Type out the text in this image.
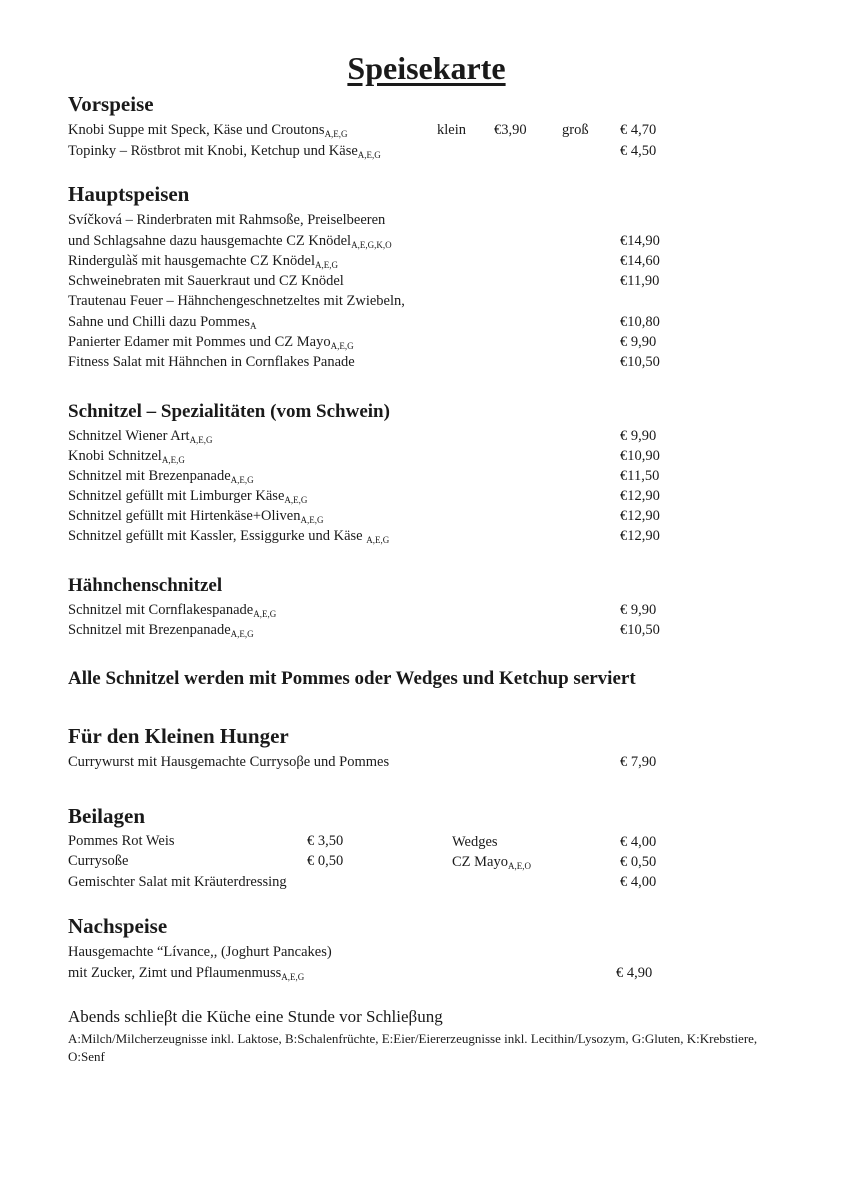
Speisekarte
Vorspeise
Knobi Suppe mit Speck, Käse und Croutons$_{A,E,G}$	klein €3,90 groß € 4,70
Topinky – Röstbrot mit Knobi, Ketchup und Käse$_{A,E,G}$	€ 4,50
Hauptspeisen
Svíčková – Rinderbraten mit Rahmsoße, Preiselbeeren
und Schlagsahne dazu hausgemachte CZ Knödel$_{A,E,G,K,O}$	€14,90
Rindergulàš mit hausgemachte CZ Knödel$_{A,E,G}$	€14,60
Schweinebraten mit Sauerkraut und CZ Knödel	€11,90
Trautenau Feuer – Hähnchengeschnetzeltes mit Zwiebeln,
Sahne und Chilli dazu Pommes$_A$	€10,80
Panierter Edamer mit Pommes und CZ Mayo$_{A,E,G}$	€ 9,90
Fitness Salat mit Hähnchen in Cornflakes Panade	€10,50
Schnitzel – Spezialitäten (vom Schwein)
Schnitzel Wiener Art$_{A,E,G}$	€ 9,90
Knobi Schnitzel$_{A,E,G}$	€10,90
Schnitzel mit Brezenpanade$_{A,E,G}$	€11,50
Schnitzel gefüllt mit Limburger Käse$_{A,E,G}$	€12,90
Schnitzel gefüllt mit Hirtenkäse+Oliven$_{A,E,G}$	€12,90
Schnitzel gefüllt mit Kassler, Essiggurke und Käse $_{A,E,G}$	€12,90
Hähnchenschnitzel
Schnitzel mit Cornflakespanade$_{A,E,G}$	€ 9,90
Schnitzel mit Brezenpanade$_{A,E,G}$	€10,50
Alle Schnitzel werden mit Pommes oder Wedges und Ketchup serviert
Für den Kleinen Hunger
Currywurst mit Hausgemachte Currysoβe und Pommes	€ 7,90
Beilagen
Pommes Rot Weis	€ 3,50	Wedges	€ 4,00
Currysoße	€ 0,50	CZ Mayo$_{A,E,O}$	€ 0,50
Gemischter Salat mit Kräuterdressing	€ 4,00
Nachspeise
Hausgemachte “Lívance,, (Joghurt Pancakes)
mit Zucker, Zimt und Pflaumenmuss$_{A,E,G}$	€ 4,90
Abends schlieβt die Küche eine Stunde vor Schlieβung
A:Milch/Milcherzeugnisse inkl. Laktose, B:Schalenfrüchte, E:Eier/Eiererzeugnisse inkl. Lecithin/Lysozym, G:Gluten, K:Krebstiere, O:Senf
